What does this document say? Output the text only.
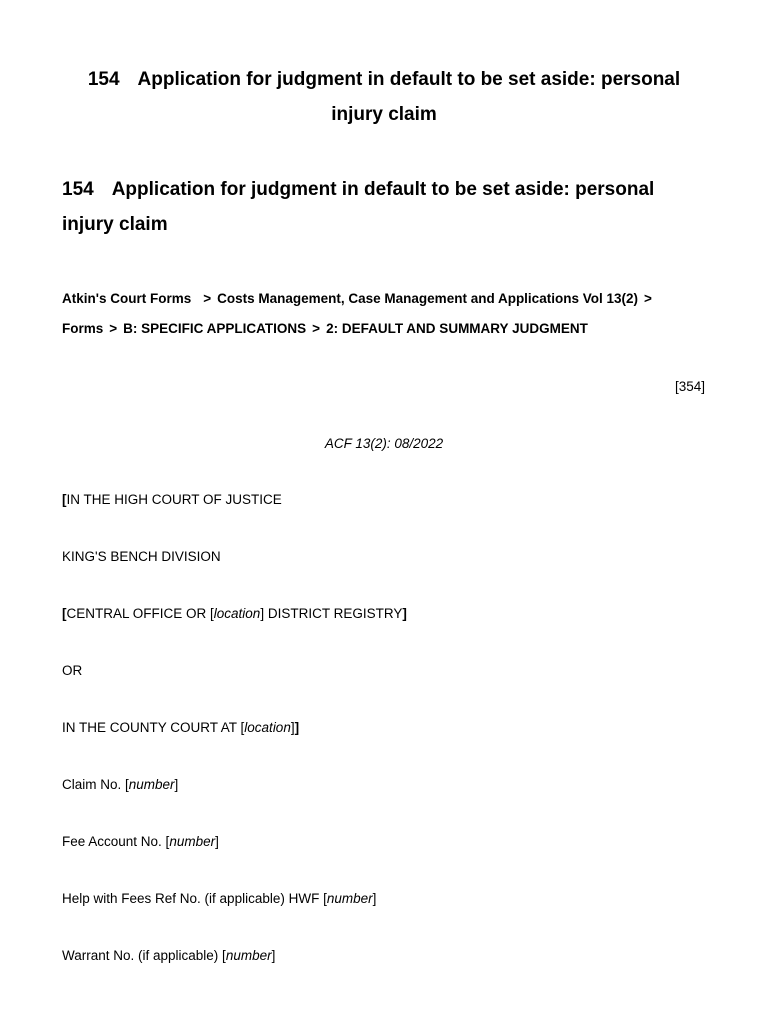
154 Application for judgment in default to be set aside: personal injury claim
154 Application for judgment in default to be set aside: personal
injury claim
Atkin's Court Forms > Costs Management, Case Management and Applications Vol 13(2) >
Forms > B: SPECIFIC APPLICATIONS > 2: DEFAULT AND SUMMARY JUDGMENT
[354]
ACF 13(2): 08/2022
[IN THE HIGH COURT OF JUSTICE
KING'S BENCH DIVISION
[CENTRAL OFFICE OR [location] DISTRICT REGISTRY]
OR
IN THE COUNTY COURT AT [location]]
Claim No. [number]
Fee Account No. [number]
Help with Fees Ref No. (if applicable) HWF [number]
Warrant No. (if applicable) [number]
